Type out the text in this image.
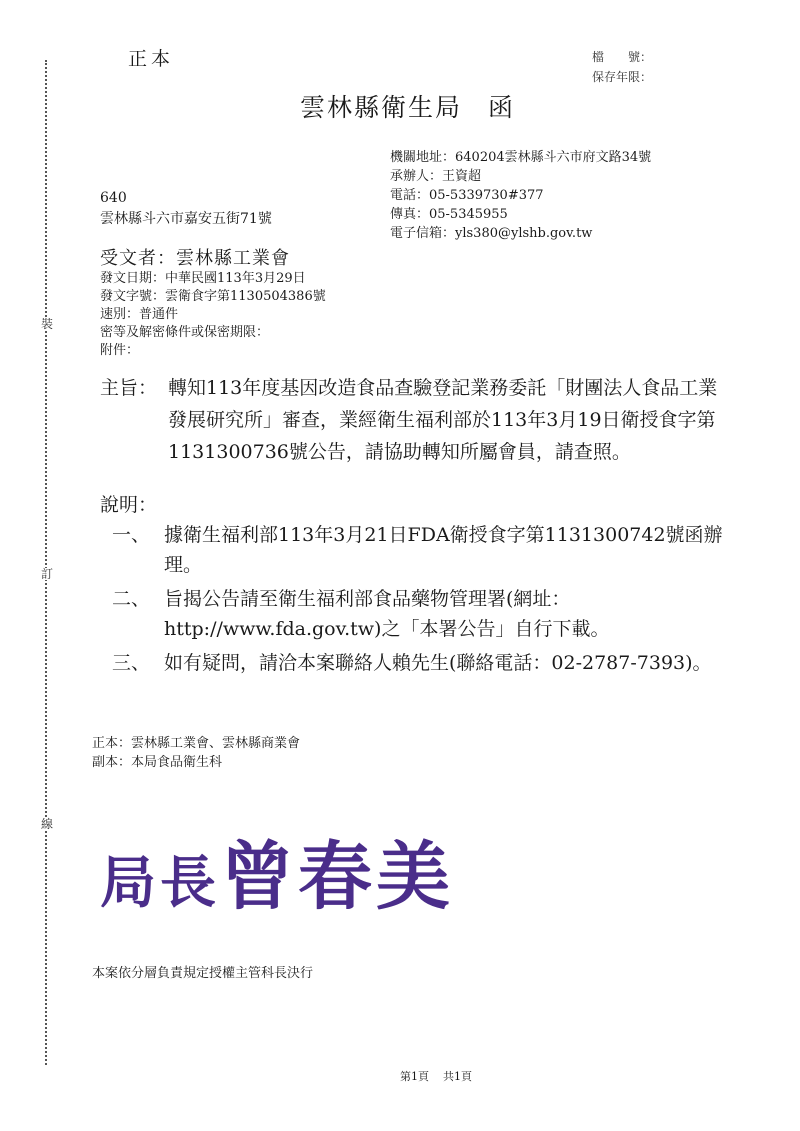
裝
訂
線
正本	檔　　號：
保存年限：
雲林縣衛生局 函
機關地址：640204雲林縣斗六市府文路34號
承辦人：王資超
電話：05-5339730#377
傳真：05-5345955
電子信箱：yls380@ylshb.gov.tw
640
雲林縣斗六市嘉安五街71號
受文者：雲林縣工業會
發文日期：中華民國113年3月29日
發文字號：雲衛食字第1130504386號
速別：普通件
密等及解密條件或保密期限：
附件：
主旨： 轉知113年度基因改造食品查驗登記業務委託「財團法人食品工業發展研究所」審查，業經衛生福利部於113年3月19日衛授食字第1131300736號公告，請協助轉知所屬會員，請查照。
說明：
一、 據衛生福利部113年3月21日FDA衛授食字第1131300742號函辦理。
二、 旨揭公告請至衛生福利部食品藥物管理署(網址：http://www.fda.gov.tw)之「本署公告」自行下載。
三、 如有疑問，請洽本案聯絡人賴先生(聯絡電話：02-2787-7393)。
正本：雲林縣工業會、雲林縣商業會
副本：本局食品衛生科
局長曾春美
本案依分層負責規定授權主管科長決行
第1頁 共1頁
